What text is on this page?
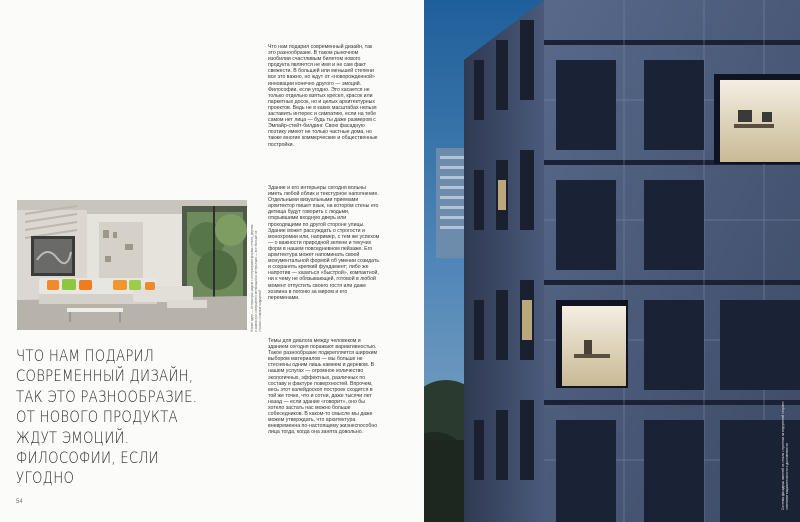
Новые идеи — интерьеры: рядом с интерьерами формы стекла, дерева и камня при совершенно меняющихся интерьерах — все больше из столько сложных ощущений
Что нам подарил современный дизайн, так это разнообразие. В таком рыночном изобилии счастливым билетом нового продукта является не имя и не сам факт свежести. В большей или меньшей степени все это важно, но ждут от «новорожденной» инновации конечно другого — эмоций. Философии, если угодно. Это касается не только отдельно взятых кресел, красок или паркетных досок, но и целых архитектурных проектов. Ведь не в каких масштабах нельзя заставить интерес и симпатию, если на тебе самом нет лица — будь ты даже размером с Эмпайр-стейт-билдинг. Свою фасадную поэтику имеют не только частные дома, но также многие коммерческие и общественные постройки.
Здание и его интерьеры сегодня вольны иметь любой облик и текстурное наполнение. Отдельными визуальными приемами архитектор пишет язык, на котором стены его детища будут говорить с людьми, открывшими входную дверь или проходящими по другой стороне улицы. Здание может рассуждать о строгости и монохромии или, например, с тем же успехом — о важности природной зелени и текучих форм в нашем повседневном пейзаже. Его архитектура может напоминать своей монументальной формой об умении созидать и сохранять крепкий фундамент; либо же напротив — казаться «быстрой», компактной, ни к чему не обязывающей, готовой в любой момент отпустить своего гостя или даже хозяина в погоню за миром и его переменами.
Темы для диалога между человеком и зданием сегодня поражают вариативностью. Такое разнообразие подкрепляется широким выбором материалов — мы больше не стеснены одним лишь камнем и деревом. В нашем услугах — огромное количество экологичных, эффектных, различных по составу и фактуре поверхностей. Впрочем, весь этот калейдоскоп построек сходится в той же точке, что и сотни, даже тысячи лет назад — если здание «говорит», оно бы хотело застать нас можно больше собеседников. В каком-то смысле мы даже можем утверждать, что архитектура вневременна по-настоящему жизнеспособно лица тогда, когда она занята довольно.
ЧТО НАМ ПОДАРИЛ СОВРЕМЕННЫЙ ДИЗАЙН, ТАК ЭТО РАЗНООБРАЗИЕ. ОТ НОВОГО ПРОДУКТА ЖДУТ ЭМОЦИЙ. ФИЛОСОФИИ, ЕСЛИ УГОДНО
54	Система фасадных панелей из стекла с принтом на внутренней стороне: сочетание выразительности и долговечности
